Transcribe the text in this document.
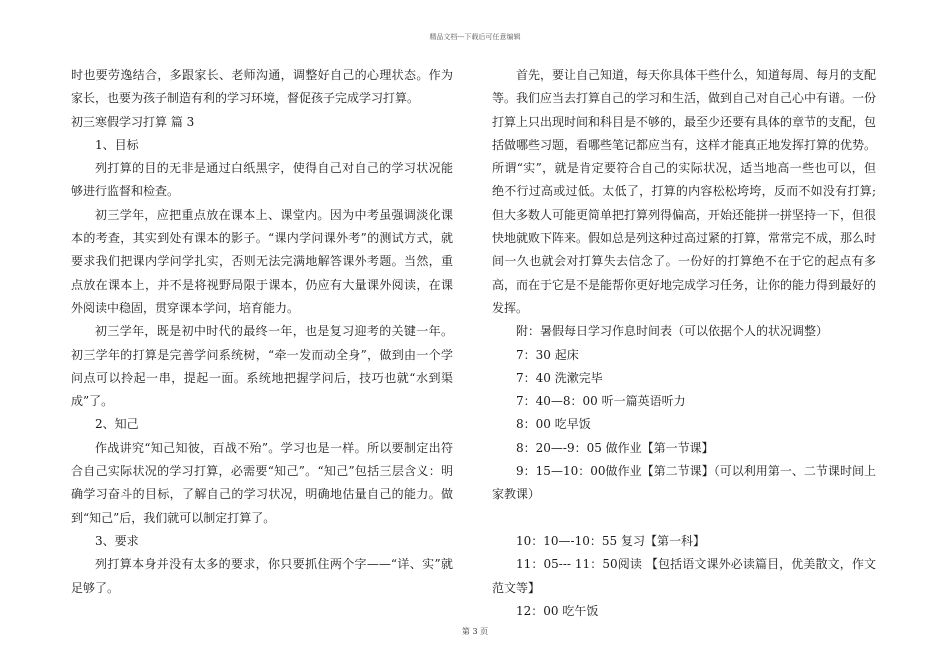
精品文档---下载后可任意编辑

时也要劳逸结合，多跟家长、老师沟通，调整好自己的心理状态。作为家长，也要为孩子制造有利的学习环境，督促孩子完成学习打算。

初三寒假学习打算 篇 3

1、目标

列打算的目的无非是通过白纸黑字，使得自己对自己的学习状况能够进行监督和检查。

初三学年，应把重点放在课本上、课堂内。因为中考虽强调淡化课本的考查，其实到处有课本的影子。“课内学问课外考”的测试方式，就要求我们把课内学问学扎实，否则无法完满地解答课外考题。当然，重点放在课本上，并不是将视野局限于课本，仍应有大量课外阅读，在课外阅读中稳固，贯穿课本学问，培育能力。

初三学年，既是初中时代的最终一年，也是复习迎考的关键一年。初三学年的打算是完善学问系统树，“牵一发而动全身”，做到由一个学问点可以拎起一串，提起一面。系统地把握学问后，技巧也就“水到渠成”了。

2、知己

作战讲究“知己知彼，百战不殆”。学习也是一样。所以要制定出符合自己实际状况的学习打算，必需要“知己”。“知己”包括三层含义：明确学习奋斗的目标，了解自己的学习状况，明确地估量自己的能力。做到“知己”后，我们就可以制定打算了。

3、要求

列打算本身并没有太多的要求，你只要抓住两个字——“详、实”就足够了。

首先，要让自己知道，每天你具体干些什么，知道每周、每月的支配等。我们应当去打算自己的学习和生活，做到自己对自己心中有谱。一份打算上只出现时间和科目是不够的，最至少还要有具体的章节的支配，包括做哪些习题，看哪些笔记都应当有，这样才能真正地发挥打算的优势。所谓“实”，就是肯定要符合自己的实际状况，适当地高一些也可以，但绝不行过高或过低。太低了，打算的内容松松垮垮，反而不如没有打算;但大多数人可能更简单把打算列得偏高，开始还能拼一拼坚持一下，但很快地就败下阵来。假如总是列这种过高过紧的打算，常常完不成，那么时间一久也就会对打算失去信念了。一份好的打算绝不在于它的起点有多高，而在于它是不是能帮你更好地完成学习任务，让你的能力得到最好的发挥。

附：暑假每日学习作息时间表（可以依据个人的状况调整）

7：30 起床

7：40 洗漱完毕

7：40—8：00 听一篇英语听力

8：00 吃早饭

8：20—-9：05 做作业【第一节课】

9：15—10：00做作业【第二节课】（可以利用第一、二节课时间上家教课）

10：10—-10：55 复习【第一科】

11：05--- 11：50阅读 【包括语文课外必读篇目，优美散文，作文范文等】

12：00 吃午饭

第 3 页
